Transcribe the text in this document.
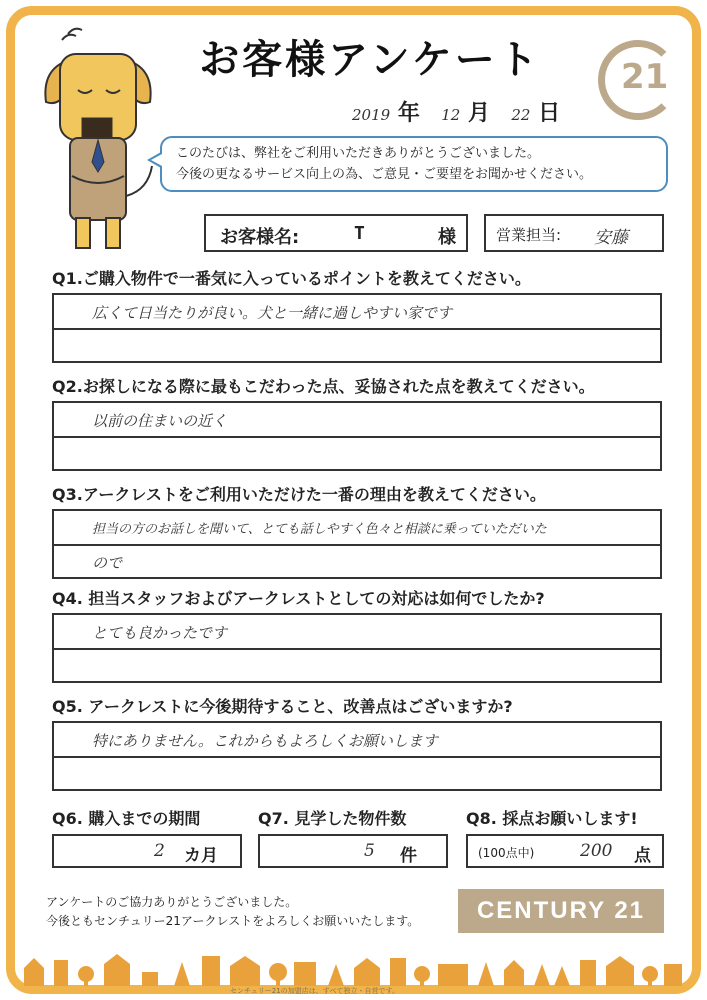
お客様アンケート	21
2019 年 12 月 22 日
このたびは、弊社をご利用いただきありがとうございました。
今後の更なるサービス向上の為、ご意見・ご要望をお聞かせください。
お客様名:	T	様	営業担当: 安藤
Q1.ご購入物件で一番気に入っているポイントを教えてください。
広くて日当たりが良い。犬と一緒に過しやすい家です
Q2.お探しになる際に最もこだわった点、妥協された点を教えてください。
以前の住まいの近く
Q3.アークレストをご利用いただけた一番の理由を教えてください。
担当の方のお話しを聞いて、とても話しやすく色々と相談に乗っていただいた
ので
Q4. 担当スタッフおよびアークレストとしての対応は如何でしたか?
とても良かったです
Q5. アークレストに今後期待すること、改善点はございますか?
特にありません。これからもよろしくお願いします
Q6. 購入までの期間
2 カ月
Q7. 見学した物件数
5 件
Q8. 採点お願いします!
(100点中)	200 点
アンケートのご協力ありがとうございました。
今後ともセンチュリー21アークレストをよろしくお願いいたします。	CENTURY 21
センチュリー21の加盟店は、すべて独立・自営です。
